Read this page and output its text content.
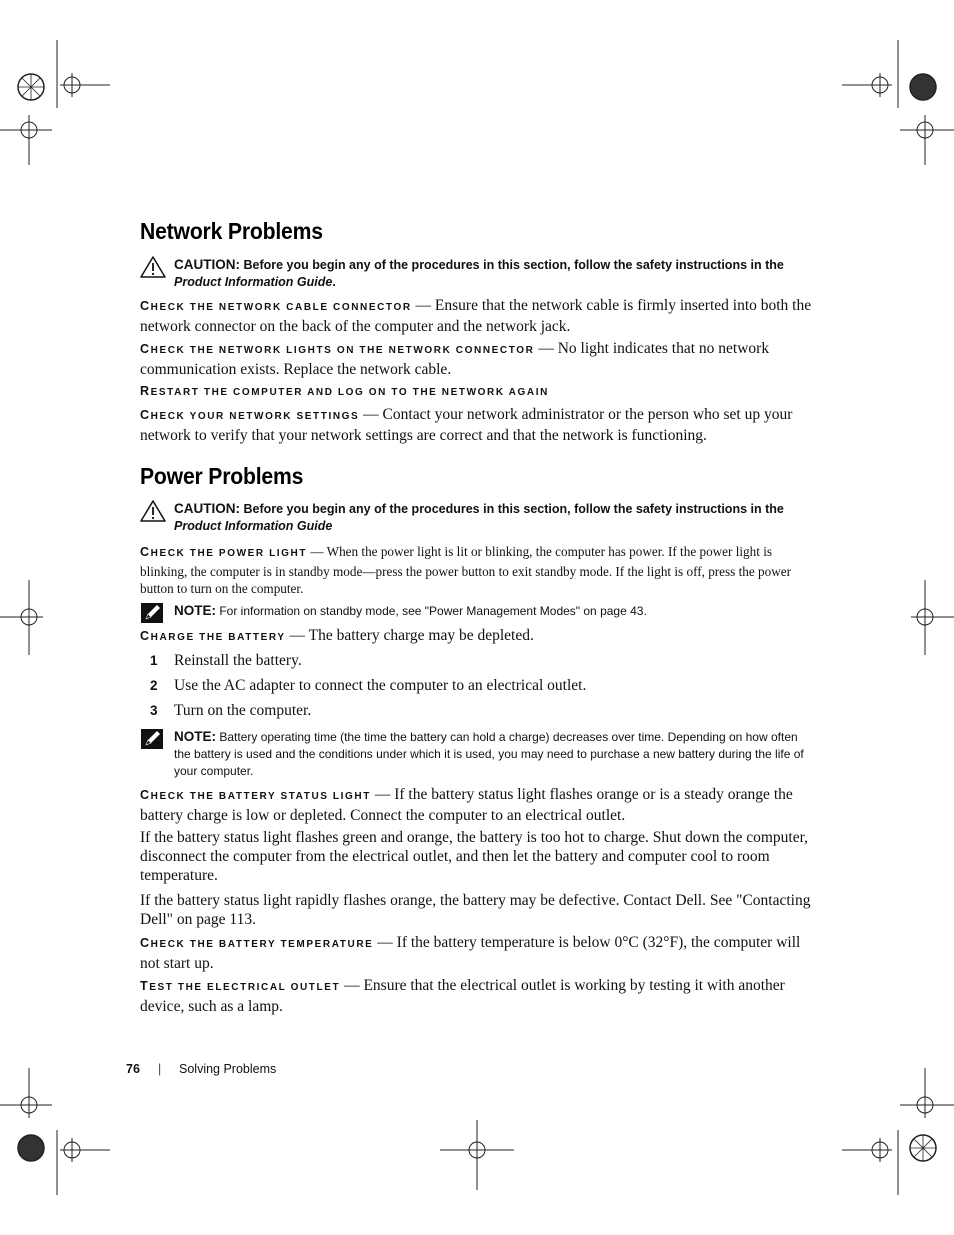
Network Problems
CAUTION: Before you begin any of the procedures in this section, follow the safety instructions in the Product Information Guide.
CHECK THE NETWORK CABLE CONNECTOR — Ensure that the network cable is firmly inserted into both the network connector on the back of the computer and the network jack.
CHECK THE NETWORK LIGHTS ON THE NETWORK CONNECTOR — No light indicates that no network communication exists. Replace the network cable.
RESTART THE COMPUTER AND LOG ON TO THE NETWORK AGAIN
CHECK YOUR NETWORK SETTINGS — Contact your network administrator or the person who set up your network to verify that your network settings are correct and that the network is functioning.
Power Problems
CAUTION: Before you begin any of the procedures in this section, follow the safety instructions in the Product Information Guide
CHECK THE POWER LIGHT — When the power light is lit or blinking, the computer has power. If the power light is blinking, the computer is in standby mode—press the power button to exit standby mode. If the light is off, press the power button to turn on the computer.
NOTE: For information on standby mode, see "Power Management Modes" on page 43.
CHARGE THE BATTERY — The battery charge may be depleted.
1 Reinstall the battery.
2 Use the AC adapter to connect the computer to an electrical outlet.
3 Turn on the computer.
NOTE: Battery operating time (the time the battery can hold a charge) decreases over time. Depending on how often the battery is used and the conditions under which it is used, you may need to purchase a new battery during the life of your computer.
CHECK THE BATTERY STATUS LIGHT — If the battery status light flashes orange or is a steady orange the battery charge is low or depleted. Connect the computer to an electrical outlet.
If the battery status light flashes green and orange, the battery is too hot to charge. Shut down the computer, disconnect the computer from the electrical outlet, and then let the battery and computer cool to room temperature.
If the battery status light rapidly flashes orange, the battery may be defective. Contact Dell. See "Contacting Dell" on page 113.
CHECK THE BATTERY TEMPERATURE — If the battery temperature is below 0°C (32°F), the computer will not start up.
TEST THE ELECTRICAL OUTLET — Ensure that the electrical outlet is working by testing it with another device, such as a lamp.
76 | Solving Problems
